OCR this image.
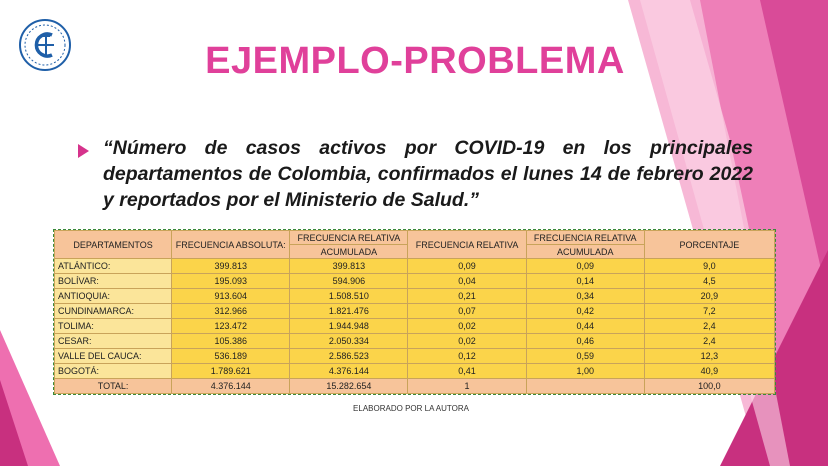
EJEMPLO-PROBLEMA
“Número de casos activos por COVID-19 en los principales departamentos de Colombia, confirmados el lunes 14 de febrero 2022 y reportados por el Ministerio de Salud.”
DEPARTAMENTOS	FRECUENCIA ABSOLUTA:	FRECUENCIA RELATIVA	FRECUENCIA RELATIVA	FRECUENCIA RELATIVA	PORCENTAJE
		ACUMULADA		ACUMULADA	
ATLÁNTICO:	399.813	399.813	0,09	0,09	9,0
BOLÍVAR:	195.093	594.906	0,04	0,14	4,5
ANTIOQUIA:	913.604	1.508.510	0,21	0,34	20,9
CUNDINAMARCA:	312.966	1.821.476	0,07	0,42	7,2
TOLIMA:	123.472	1.944.948	0,02	0,44	2,4
CESAR:	105.386	2.050.334	0,02	0,46	2,4
VALLE DEL CAUCA:	536.189	2.586.523	0,12	0,59	12,3
BOGOTÁ:	1.789.621	4.376.144	0,41	1,00	40,9
TOTAL:	4.376.144	15.282.654	1		100,0
ELABORADO POR LA AUTORA
